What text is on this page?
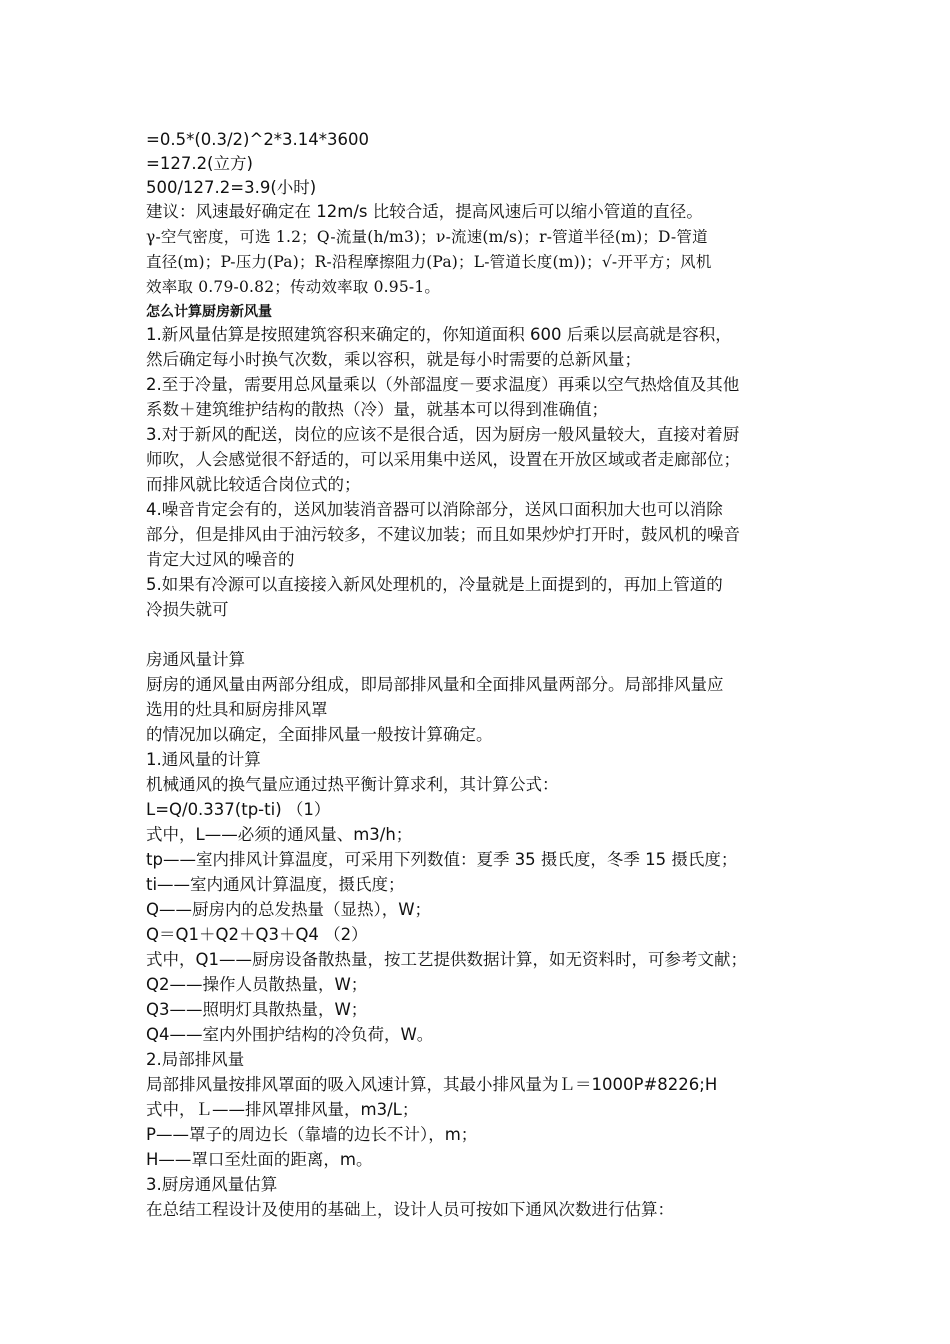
=0.5*(0.3/2)^2*3.14*3600
=127.2(立方)
500/127.2=3.9(小时)
建议：风速最好确定在 12m/s 比较合适，提高风速后可以缩小管道的直径。
γ-空气密度，可选 1.2；Q-流量(h/m3)；ν-流速(m/s)；r-管道半径(m)；D-管道
直径(m)；P-压力(Pa)；R-沿程摩擦阻力(Pa)；L-管道长度(m))；√-开平方；风机
效率取 0.79-0.82；传动效率取 0.95-1。
怎么计算厨房新风量
1.新风量估算是按照建筑容积来确定的，你知道面积 600 后乘以层高就是容积，
然后确定每小时换气次数，乘以容积，就是每小时需要的总新风量；
2.至于冷量，需要用总风量乘以（外部温度－要求温度）再乘以空气热焓值及其他
系数＋建筑维护结构的散热（冷）量，就基本可以得到准确值；
3.对于新风的配送，岗位的应该不是很合适，因为厨房一般风量较大，直接对着厨
师吹，人会感觉很不舒适的，可以采用集中送风，设置在开放区域或者走廊部位；
而排风就比较适合岗位式的；
4.噪音肯定会有的，送风加装消音器可以消除部分，送风口面积加大也可以消除
部分，但是排风由于油污较多，不建议加装；而且如果炒炉打开时，鼓风机的噪音
肯定大过风的噪音的
5.如果有冷源可以直接接入新风处理机的，冷量就是上面提到的，再加上管道的
冷损失就可
房通风量计算
厨房的通风量由两部分组成，即局部排风量和全面排风量两部分。局部排风量应
选用的灶具和厨房排风罩
的情况加以确定，全面排风量一般按计算确定。
1.通风量的计算
机械通风的换气量应通过热平衡计算求利，其计算公式：
L=Q/0.337(tp-ti) （1）
式中，L——必须的通风量、m3/h；
tp——室内排风计算温度，可采用下列数值：夏季 35 摄氏度，冬季 15 摄氏度；
ti——室内通风计算温度，摄氏度；
Q——厨房内的总发热量（显热），W；
Q＝Q1＋Q2＋Q3＋Q4 （2）
式中，Q1——厨房设备散热量，按工艺提供数据计算，如无资料时，可参考文献；
Q2——操作人员散热量，W；
Q3——照明灯具散热量，W；
Q4——室内外围护结构的冷负荷，W。
2.局部排风量
局部排风量按排风罩面的吸入风速计算，其最小排风量为Ｌ＝1000P#8226;H
式中，Ｌ——排风罩排风量，m3/L；
P——罩子的周边长（靠墙的边长不计），m；
H——罩口至灶面的距离，m。
3.厨房通风量估算
在总结工程设计及使用的基础上，设计人员可按如下通风次数进行估算：
